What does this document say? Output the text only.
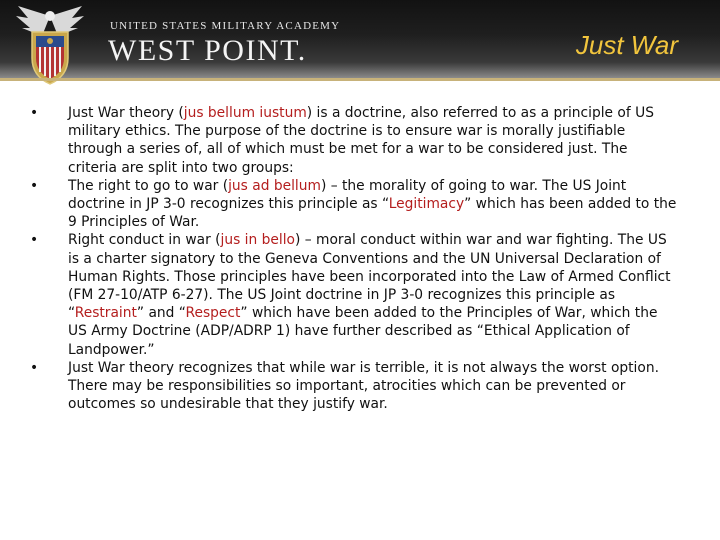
UNITED STATES MILITARY ACADEMY
WEST POINT.	Just War

• Just War theory (jus bellum iustum) is a doctrine, also referred to as a principle of US military ethics. The purpose of the doctrine is to ensure war is morally justifiable through a series of, all of which must be met for a war to be considered just. The criteria are split into two groups:

• The right to go to war (jus ad bellum) – the morality of going to war. The US Joint doctrine in JP 3-0 recognizes this principle as “Legitimacy” which has been added to the 9 Principles of War.

• Right conduct in war (jus in bello) – moral conduct within war and war fighting. The US is a charter signatory to the Geneva Conventions and the UN Universal Declaration of Human Rights. Those principles have been incorporated into the Law of Armed Conflict (FM 27-10/ATP 6-27). The US Joint doctrine in JP 3-0 recognizes this principle as “Restraint” and “Respect” which have been added to the Principles of War, which the US Army Doctrine (ADP/ADRP 1) have further described as “Ethical Application of Landpower.”

• Just War theory recognizes that while war is terrible, it is not always the worst option. There may be responsibilities so important, atrocities which can be prevented or outcomes so undesirable that they justify war.
